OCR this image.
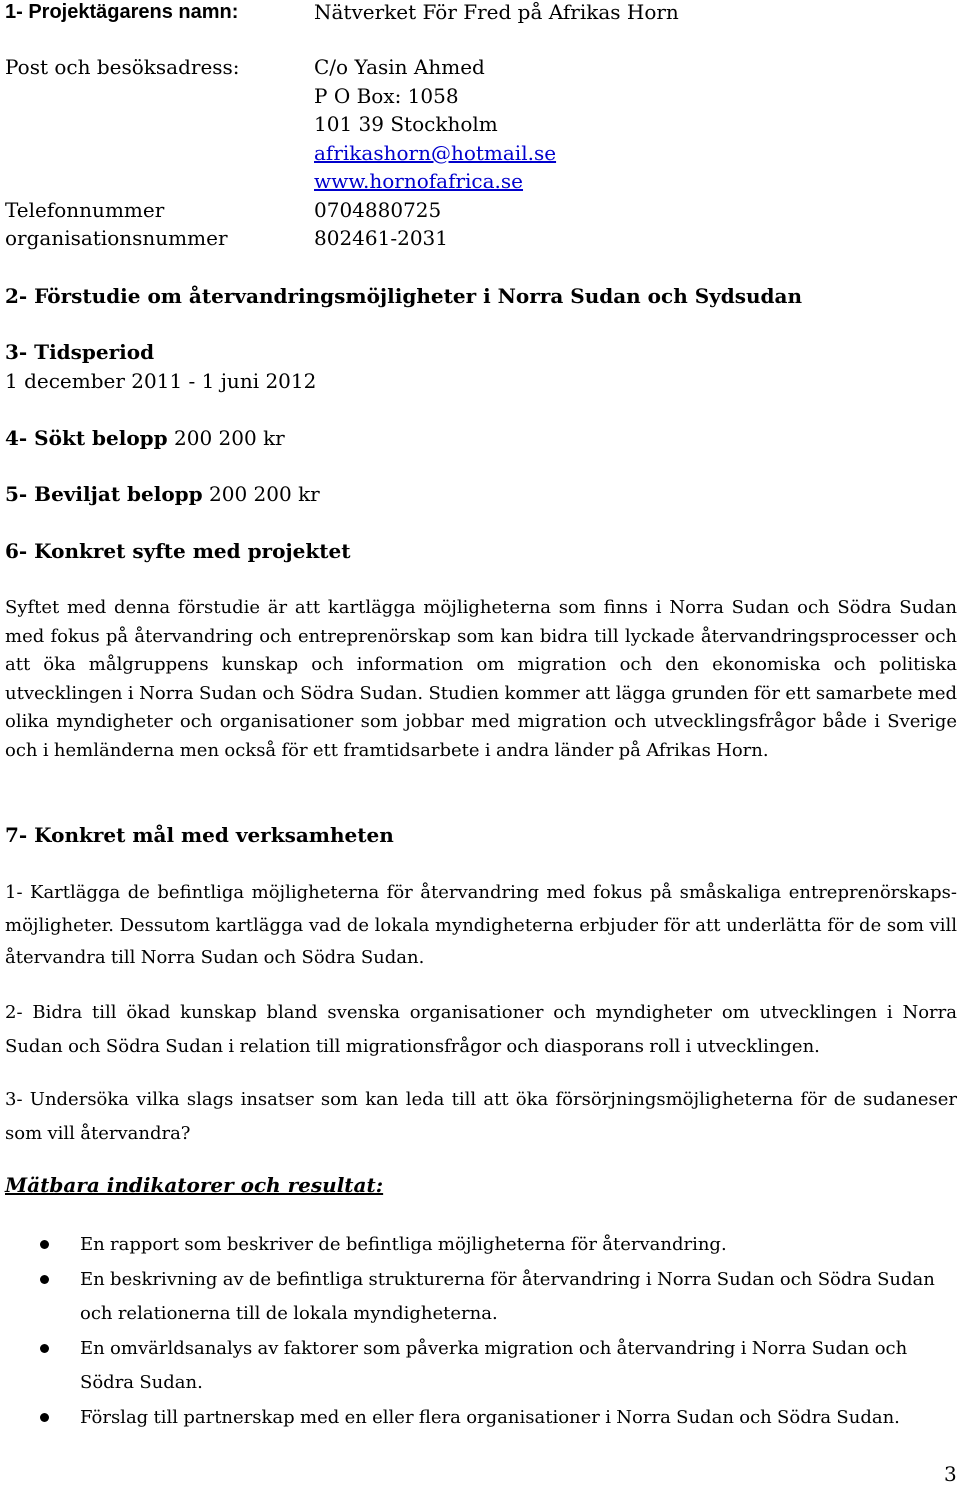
1- Projektägarens namn:	Nätverket För Fred på Afrikas Horn
Post och besöksadress:	C/o Yasin Ahmed
P O Box: 1058
101 39 Stockholm
afrikashorn@hotmail.se
www.hornofafrica.se
Telefonnummer	0704880725
organisationsnummer	802461-2031
2- Förstudie om återvandringsmöjligheter i Norra Sudan och Sydsudan
3- Tidsperiod
1 december 2011 - 1 juni 2012
4- Sökt belopp 200 200 kr
5- Beviljat belopp 200 200 kr
6- Konkret syfte med projektet
Syftet med denna förstudie är att kartlägga möjligheterna som finns i Norra Sudan och Södra Sudan med fokus på återvandring och entreprenörskap som kan bidra till lyckade återvandringsprocesser och att öka målgruppens kunskap och information om migration och den ekonomiska och politiska utvecklingen i Norra Sudan och Södra Sudan. Studien kommer att lägga grunden för ett samarbete med olika myndigheter och organisationer som jobbar med migration och utvecklingsfrågor både i Sverige och i hemländerna men också för ett framtidsarbete i andra länder på Afrikas Horn.
7- Konkret mål med verksamheten
1- Kartlägga de befintliga möjligheterna för återvandring med fokus på småskaliga entreprenörskaps-möjligheter. Dessutom kartlägga vad de lokala myndigheterna erbjuder för att underlätta för de som vill återvandra till Norra Sudan och Södra Sudan.
2- Bidra till ökad kunskap bland svenska organisationer och myndigheter om utvecklingen i Norra Sudan och Södra Sudan i relation till migrationsfrågor och diasporans roll i utvecklingen.
3- Undersöka vilka slags insatser som kan leda till att öka försörjningsmöjligheterna för de sudaneser som vill återvandra?
Mätbara indikatorer och resultat:
En rapport som beskriver de befintliga möjligheterna för återvandring.
En beskrivning av de befintliga strukturerna för återvandring i Norra Sudan och Södra Sudan och relationerna till de lokala myndigheterna.
En omvärldsanalys av faktorer som påverka migration och återvandring i Norra Sudan och Södra Sudan.
Förslag till partnerskap med en eller flera organisationer i Norra Sudan och Södra Sudan.
3
